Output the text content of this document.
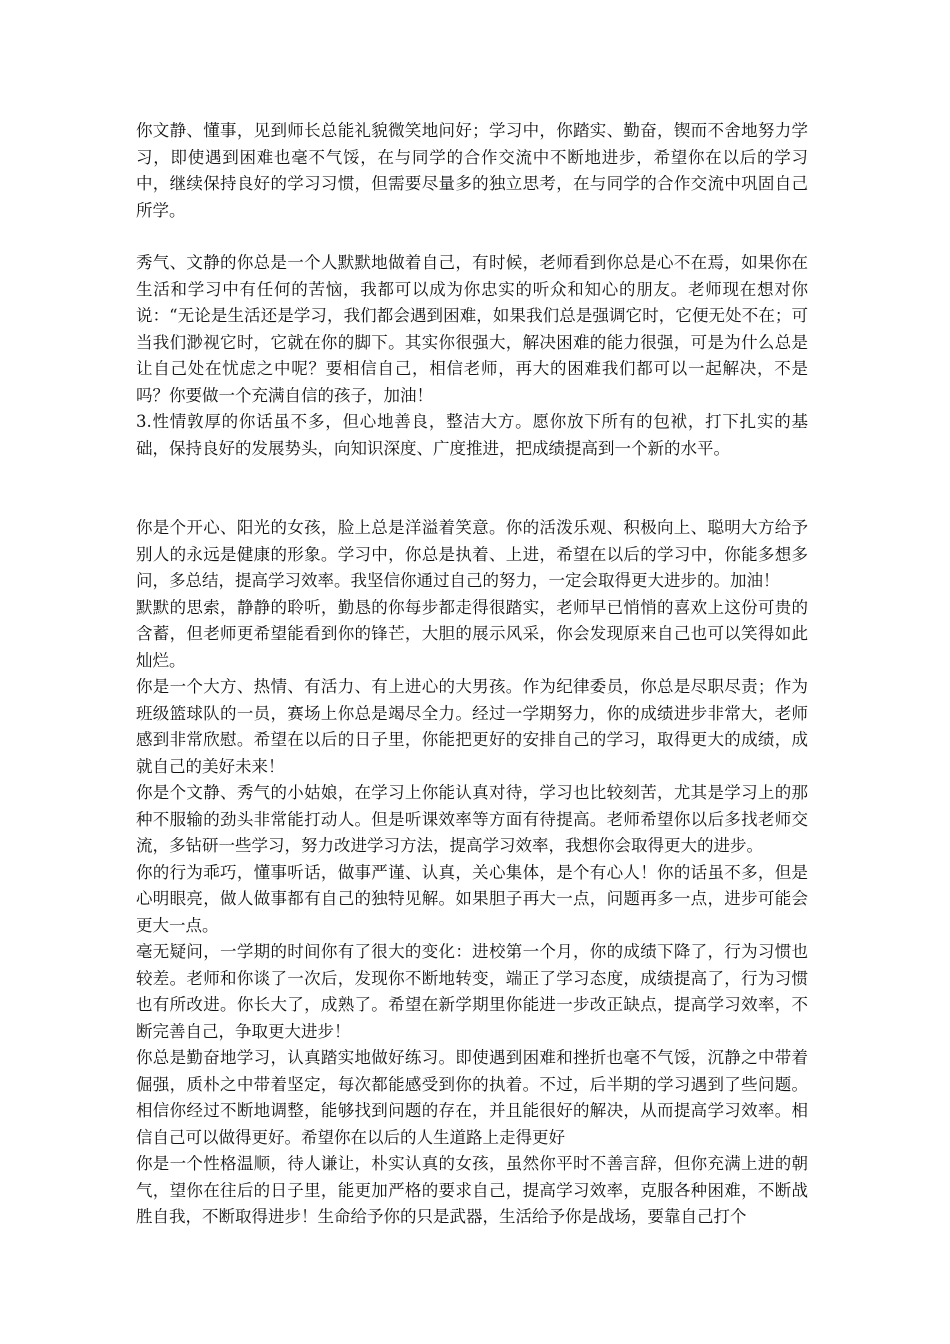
你文静、懂事，见到师长总能礼貌微笑地问好；学习中，你踏实、勤奋，锲而不舍地努力学习，即使遇到困难也毫不气馁，在与同学的合作交流中不断地进步，希望你在以后的学习中，继续保持良好的学习习惯，但需要尽量多的独立思考，在与同学的合作交流中巩固自己所学。

秀气、文静的你总是一个人默默地做着自己，有时候，老师看到你总是心不在焉，如果你在生活和学习中有任何的苦恼，我都可以成为你忠实的听众和知心的朋友。老师现在想对你说：“无论是生活还是学习，我们都会遇到困难，如果我们总是强调它时，它便无处不在；可当我们渺视它时，它就在你的脚下。其实你很强大，解决困难的能力很强，可是为什么总是让自己处在忧虑之中呢？要相信自己，相信老师，再大的困难我们都可以一起解决，不是吗？你要做一个充满自信的孩子，加油！

3.性情敦厚的你话虽不多，但心地善良，整洁大方。愿你放下所有的包袱，打下扎实的基础，保持良好的发展势头，向知识深度、广度推进，把成绩提高到一个新的水平。

你是个开心、阳光的女孩，脸上总是洋溢着笑意。你的活泼乐观、积极向上、聪明大方给予别人的永远是健康的形象。学习中，你总是执着、上进，希望在以后的学习中，你能多想多问，多总结，提高学习效率。我坚信你通过自己的努力，一定会取得更大进步的。加油！

默默的思索，静静的聆听，勤恳的你每步都走得很踏实，老师早已悄悄的喜欢上这份可贵的含蓄，但老师更希望能看到你的锋芒，大胆的展示风采，你会发现原来自己也可以笑得如此灿烂。

你是一个大方、热情、有活力、有上进心的大男孩。作为纪律委员，你总是尽职尽责；作为班级篮球队的一员，赛场上你总是竭尽全力。经过一学期努力，你的成绩进步非常大，老师感到非常欣慰。希望在以后的日子里，你能把更好的安排自己的学习，取得更大的成绩，成就自己的美好未来！

你是个文静、秀气的小姑娘，在学习上你能认真对待，学习也比较刻苦，尤其是学习上的那种不服输的劲头非常能打动人。但是听课效率等方面有待提高。老师希望你以后多找老师交流，多钻研一些学习，努力改进学习方法，提高学习效率，我想你会取得更大的进步。

你的行为乖巧，懂事听话，做事严谨、认真，关心集体，是个有心人！你的话虽不多，但是心明眼亮，做人做事都有自己的独特见解。如果胆子再大一点，问题再多一点，进步可能会更大一点。

毫无疑问，一学期的时间你有了很大的变化：进校第一个月，你的成绩下降了，行为习惯也较差。老师和你谈了一次后，发现你不断地转变，端正了学习态度，成绩提高了，行为习惯也有所改进。你长大了，成熟了。希望在新学期里你能进一步改正缺点，提高学习效率，不断完善自己，争取更大进步！

你总是勤奋地学习，认真踏实地做好练习。即使遇到困难和挫折也毫不气馁，沉静之中带着倔强，质朴之中带着坚定，每次都能感受到你的执着。不过，后半期的学习遇到了些问题。相信你经过不断地调整，能够找到问题的存在，并且能很好的解决，从而提高学习效率。相信自己可以做得更好。希望你在以后的人生道路上走得更好

你是一个性格温顺，待人谦让，朴实认真的女孩，虽然你平时不善言辞，但你充满上进的朝气，望你在往后的日子里，能更加严格的要求自己，提高学习效率，克服各种困难，不断战胜自我，不断取得进步！生命给予你的只是武器，生活给予你是战场，要靠自己打个
